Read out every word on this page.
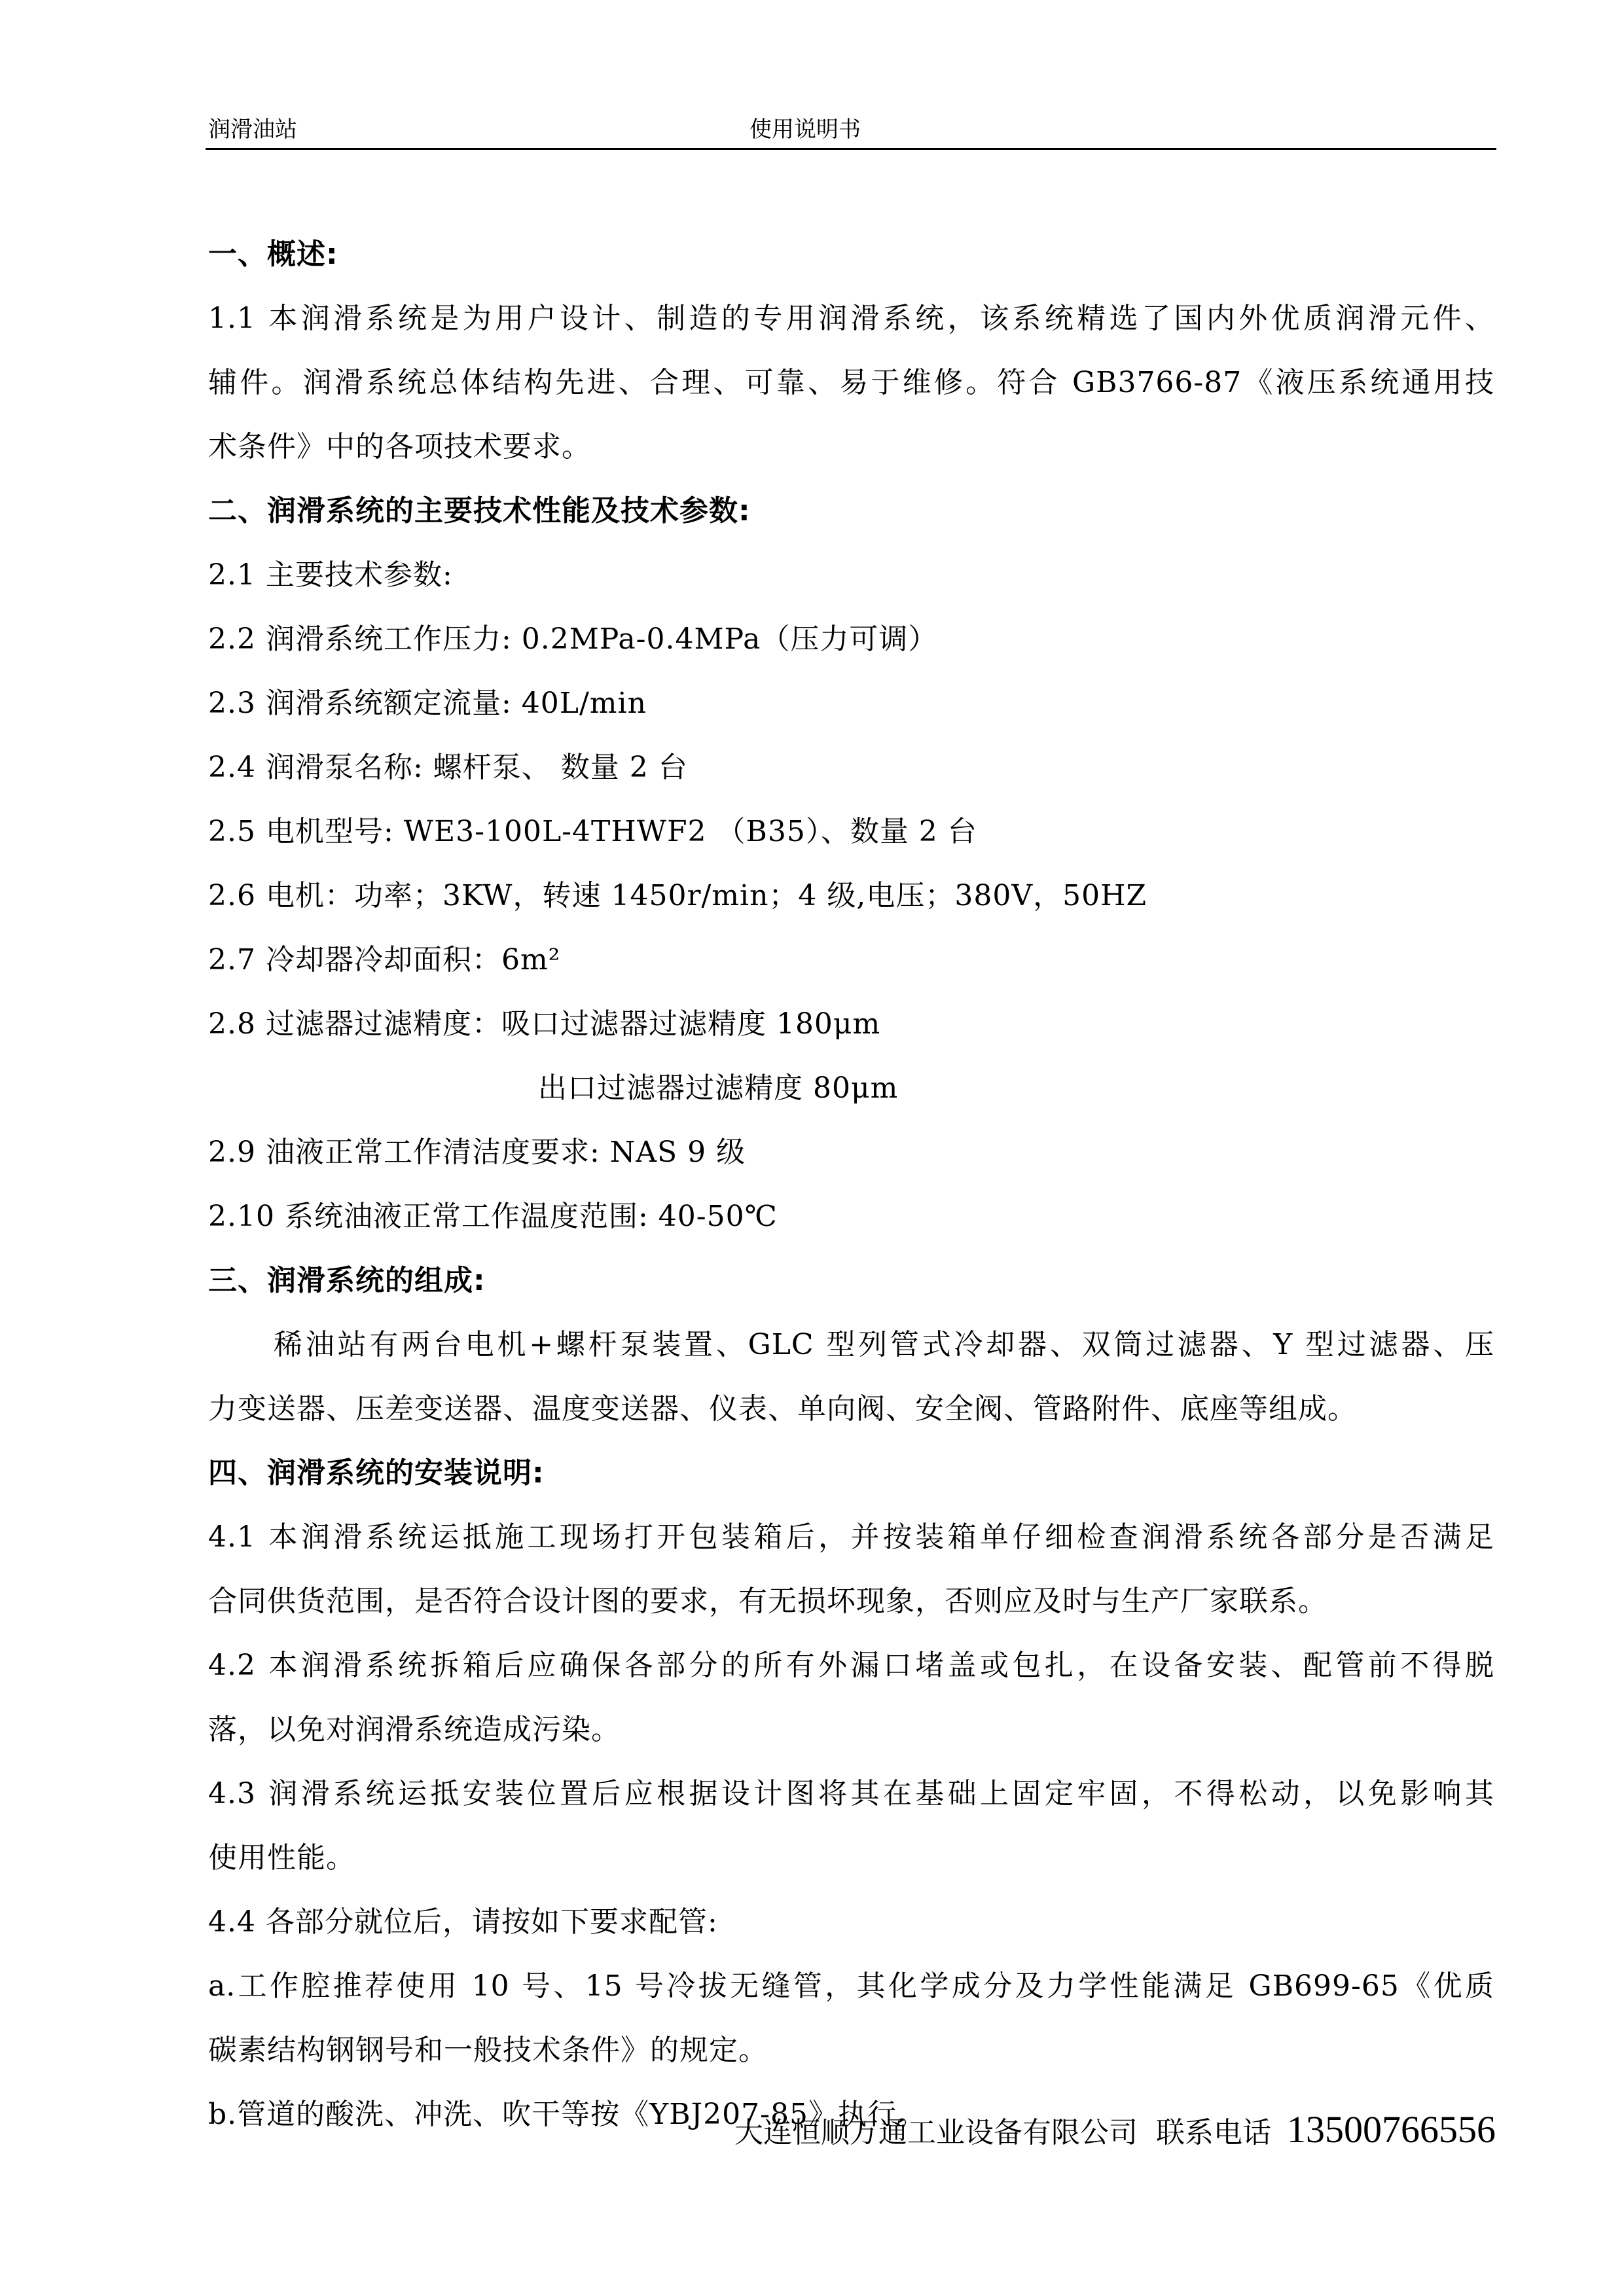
润滑油站	使用说明书
一、概述:
1.1 本润滑系统是为用户设计、制造的专用润滑系统，该系统精选了国内外优质润滑元件、
辅件。润滑系统总体结构先进、合理、可靠、易于维修。符合 GB3766-87《液压系统通用技
术条件》中的各项技术要求。
二、润滑系统的主要技术性能及技术参数:
2.1 主要技术参数:
2.2 润滑系统工作压力: 0.2MPa-0.4MPa（压力可调）
2.3 润滑系统额定流量: 40L/min
2.4 润滑泵名称: 螺杆泵、 数量 2 台
2.5 电机型号: WE3-100L-4THWF2 （B35）、数量 2 台
2.6 电机：功率；3KW，转速 1450r/min；4 级,电压；380V，50HZ
2.7 冷却器冷却面积：6m²
2.8 过滤器过滤精度：吸口过滤器过滤精度 180μm
出口过滤器过滤精度 80μm
2.9 油液正常工作清洁度要求: NAS 9 级
2.10 系统油液正常工作温度范围: 40-50℃
三、润滑系统的组成:
稀油站有两台电机+螺杆泵装置、GLC 型列管式冷却器、双筒过滤器、Y 型过滤器、压
力变送器、压差变送器、温度变送器、仪表、单向阀、安全阀、管路附件、底座等组成。
四、润滑系统的安装说明:
4.1 本润滑系统运抵施工现场打开包装箱后，并按装箱单仔细检查润滑系统各部分是否满足
合同供货范围，是否符合设计图的要求，有无损坏现象，否则应及时与生产厂家联系。
4.2 本润滑系统拆箱后应确保各部分的所有外漏口堵盖或包扎，在设备安装、配管前不得脱
落，以免对润滑系统造成污染。
4.3 润滑系统运抵安装位置后应根据设计图将其在基础上固定牢固，不得松动，以免影响其
使用性能。
4.4 各部分就位后，请按如下要求配管:
a.工作腔推荐使用 10 号、15 号冷拔无缝管，其化学成分及力学性能满足 GB699-65《优质
碳素结构钢钢号和一般技术条件》的规定。
b.管道的酸洗、冲洗、吹干等按《YBJ207-85》执行。
大连恒顺万通工业设备有限公司 联系电话 13500766556
